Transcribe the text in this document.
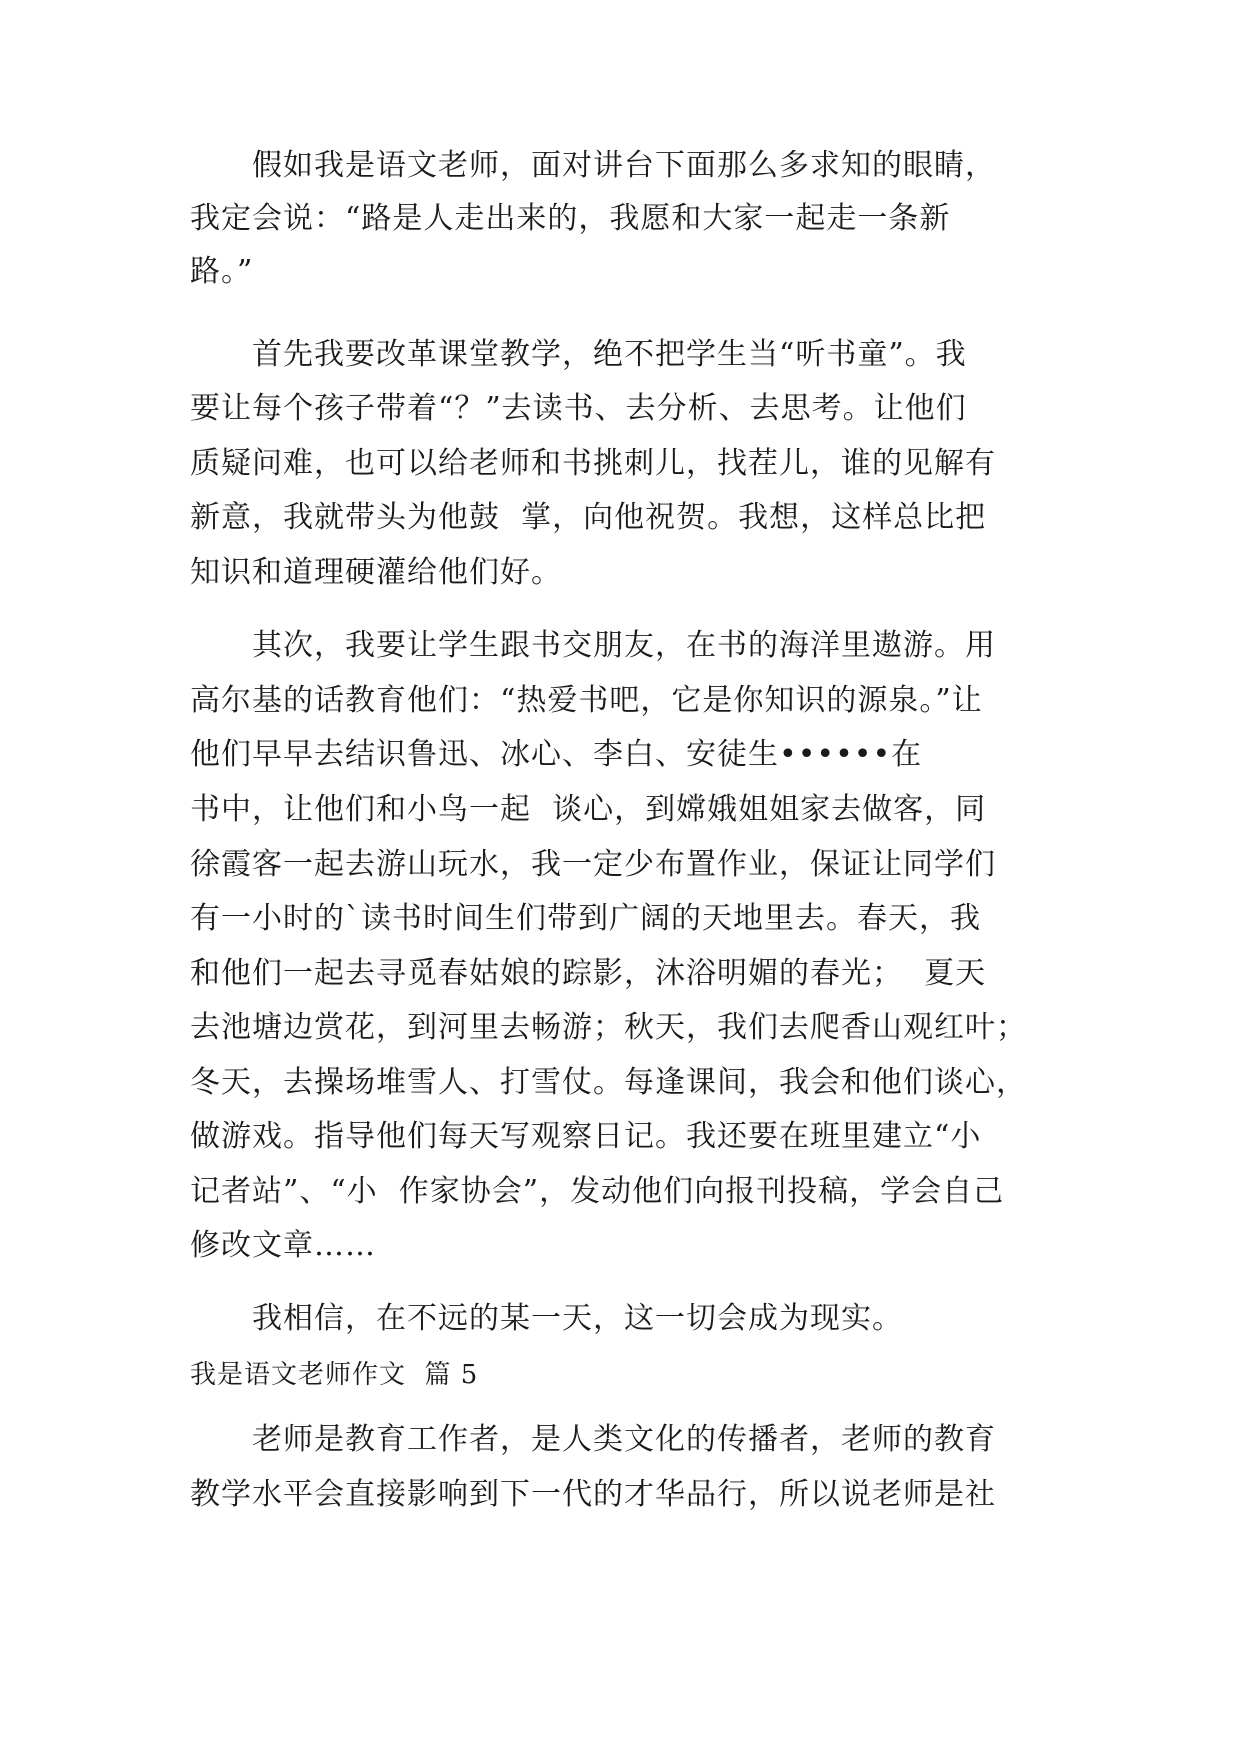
假如我是语文老师，面对讲台下面那么多求知的眼睛，

我定会说：“路是人走出来的，我愿和大家一起走一条新

路。”

首先我要改革课堂教学，绝不把学生当“听书童”。我

要让每个孩子带着“？”去读书、去分析、去思考。让他们

质疑问难，也可以给老师和书挑刺儿，找茬儿，谁的见解有

新意，我就带头为他鼓  掌，向他祝贺。我想，这样总比把

知识和道理硬灌给他们好。

其次，我要让学生跟书交朋友，在书的海洋里遨游。用

高尔基的话教育他们：“热爱书吧，它是你知识的源泉。”让

他们早早去结识鲁迅、冰心、李白、安徒生••••••在

书中，让他们和小鸟一起  谈心，到嫦娥姐姐家去做客，同

徐霞客一起去游山玩水，我一定少布置作业，保证让同学们

有一小时的`读书时间生们带到广阔的天地里去。春天，我

和他们一起去寻觅春姑娘的踪影，沐浴明媚的春光；  夏天

去池塘边赏花，到河里去畅游；秋天，我们去爬香山观红叶；

冬天，去操场堆雪人、打雪仗。每逢课间，我会和他们谈心，

做游戏。指导他们每天写观察日记。我还要在班里建立“小

记者站”、“小  作家协会”，发动他们向报刊投稿，学会自己

修改文章……

我相信，在不远的某一天，这一切会成为现实。

我是语文老师作文  篇 5

老师是教育工作者，是人类文化的传播者，老师的教育

教学水平会直接影响到下一代的才华品行，所以说老师是社
